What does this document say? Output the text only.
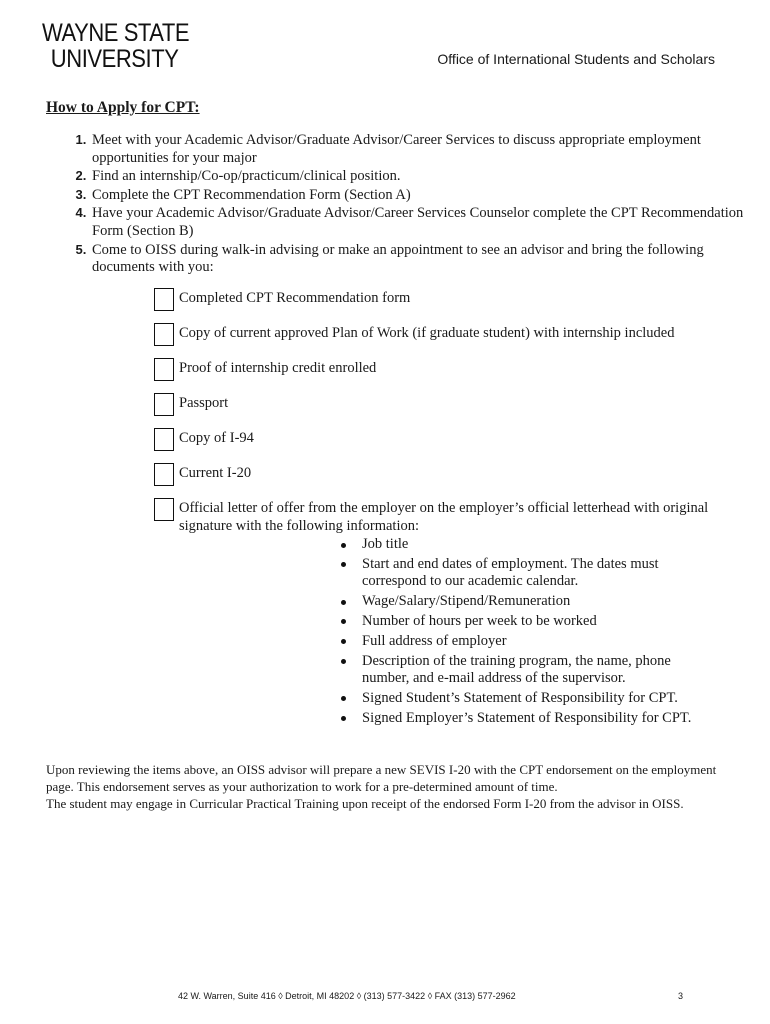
WAYNE STATE
UNIVERSITY	Office of International Students and Scholars
How to Apply for CPT:
1. Meet with your Academic Advisor/Graduate Advisor/Career Services to discuss appropriate employment opportunities for your major
2. Find an internship/Co-op/practicum/clinical position.
3. Complete the CPT Recommendation Form (Section A)
4. Have your Academic Advisor/Graduate Advisor/Career Services Counselor complete the CPT Recommendation Form (Section B)
5. Come to OISS during walk-in advising or make an appointment to see an advisor and bring the following documents with you:
Completed CPT Recommendation form
Copy of current approved Plan of Work (if graduate student) with internship included
Proof of internship credit enrolled
Passport
Copy of I-94
Current I-20
Official letter of offer from the employer on the employer’s official letterhead with original signature with the following information:
Job title
Start and end dates of employment. The dates must correspond to our academic calendar.
Wage/Salary/Stipend/Remuneration
Number of hours per week to be worked
Full address of employer
Description of the training program, the name, phone number, and e-mail address of the supervisor.
Signed Student’s Statement of Responsibility for CPT.
Signed Employer’s Statement of Responsibility for CPT.

Upon reviewing the items above, an OISS advisor will prepare a new SEVIS I-20 with the CPT endorsement on the employment page. This endorsement serves as your authorization to work for a pre-determined amount of time.

The student may engage in Curricular Practical Training upon receipt of the endorsed Form I-20 from the advisor in OISS.

42 W. Warren, Suite 416 ◊ Detroit, MI 48202 ◊ (313) 577-3422 ◊ FAX (313) 577-2962	3
